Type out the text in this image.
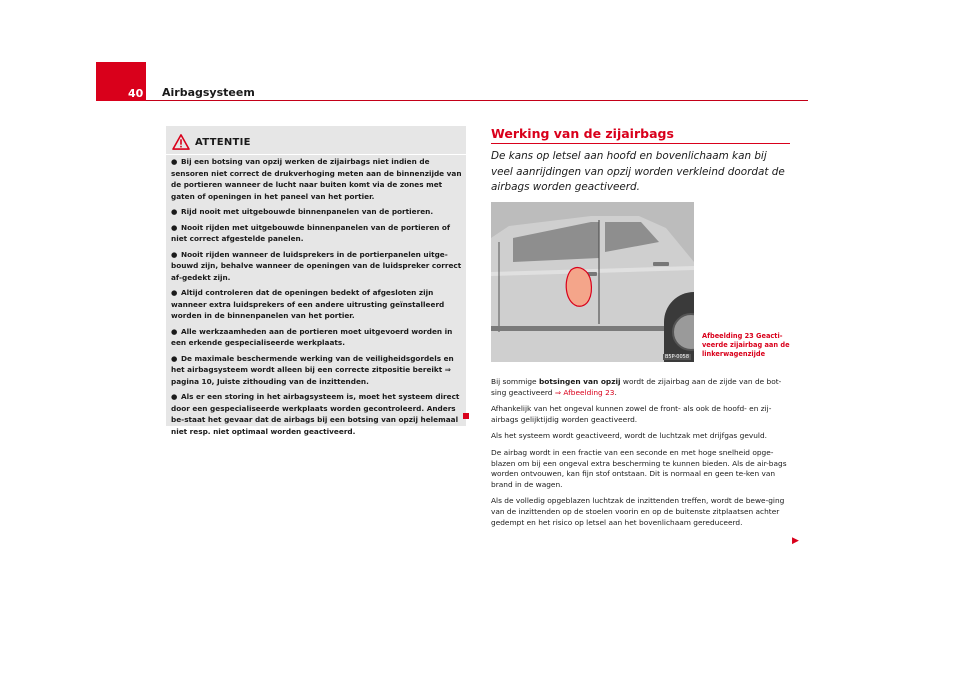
40 Airbagsysteem
ATTENTIE
● Bij een botsing van opzij werken de zijairbags niet indien de sensoren niet correct de drukverhoging meten aan de binnenzijde van de portieren wanneer de lucht naar buiten komt via de zones met gaten of openingen in het paneel van het portier.
● Rijd nooit met uitgebouwde binnenpanelen van de portieren.
● Nooit rijden met uitgebouwde binnenpanelen van de portieren of niet correct afgestelde panelen.
● Nooit rijden wanneer de luidsprekers in de portierpanelen uitge-bouwd zijn, behalve wanneer de openingen van de luidspreker correct af-gedekt zijn.
● Altijd controleren dat de openingen bedekt of afgesloten zijn wanneer extra luidsprekers of een andere uitrusting geïnstalleerd worden in de binnenpanelen van het portier.
● Alle werkzaamheden aan de portieren moet uitgevoerd worden in een erkende gespecialiseerde werkplaats.
● De maximale beschermende werking van de veiligheidsgordels en het airbagsysteem wordt alleen bij een correcte zitpositie bereikt ⇒ pagina 10, Juiste zithouding van de inzittenden.
● Als er een storing in het airbagsysteem is, moet het systeem direct door een gespecialiseerde werkplaats worden gecontroleerd. Anders be-staat het gevaar dat de airbags bij een botsing van opzij helemaal niet resp. niet optimaal worden geactiveerd.
Werking van de zijairbags
De kans op letsel aan hoofd en bovenlichaam kan bij veel aanrijdingen van opzij worden verkleind doordat de airbags worden geactiveerd.
B5P-0058
Afbeelding 23 Geacti-veerde zijairbag aan de linkerwagenzijde

Bij sommige botsingen van opzij wordt de zijairbag aan de zijde van de bot-sing geactiveerd ⇒ Afbeelding 23.

Afhankelijk van het ongeval kunnen zowel de front- als ook de hoofd- en zij-airbags gelijktijdig worden geactiveerd.

Als het systeem wordt geactiveerd, wordt de luchtzak met drijfgas gevuld.

De airbag wordt in een fractie van een seconde en met hoge snelheid opge-blazen om bij een ongeval extra bescherming te kunnen bieden. Als de air-bags worden ontvouwen, kan fijn stof ontstaan. Dit is normaal en geen te-ken van brand in de wagen.

Als de volledig opgeblazen luchtzak de inzittenden treffen, wordt de bewe-ging van de inzittenden op de stoelen voorin en op de buitenste zitplaatsen achter gedempt en het risico op letsel aan het bovenlichaam gereduceerd.

▶
